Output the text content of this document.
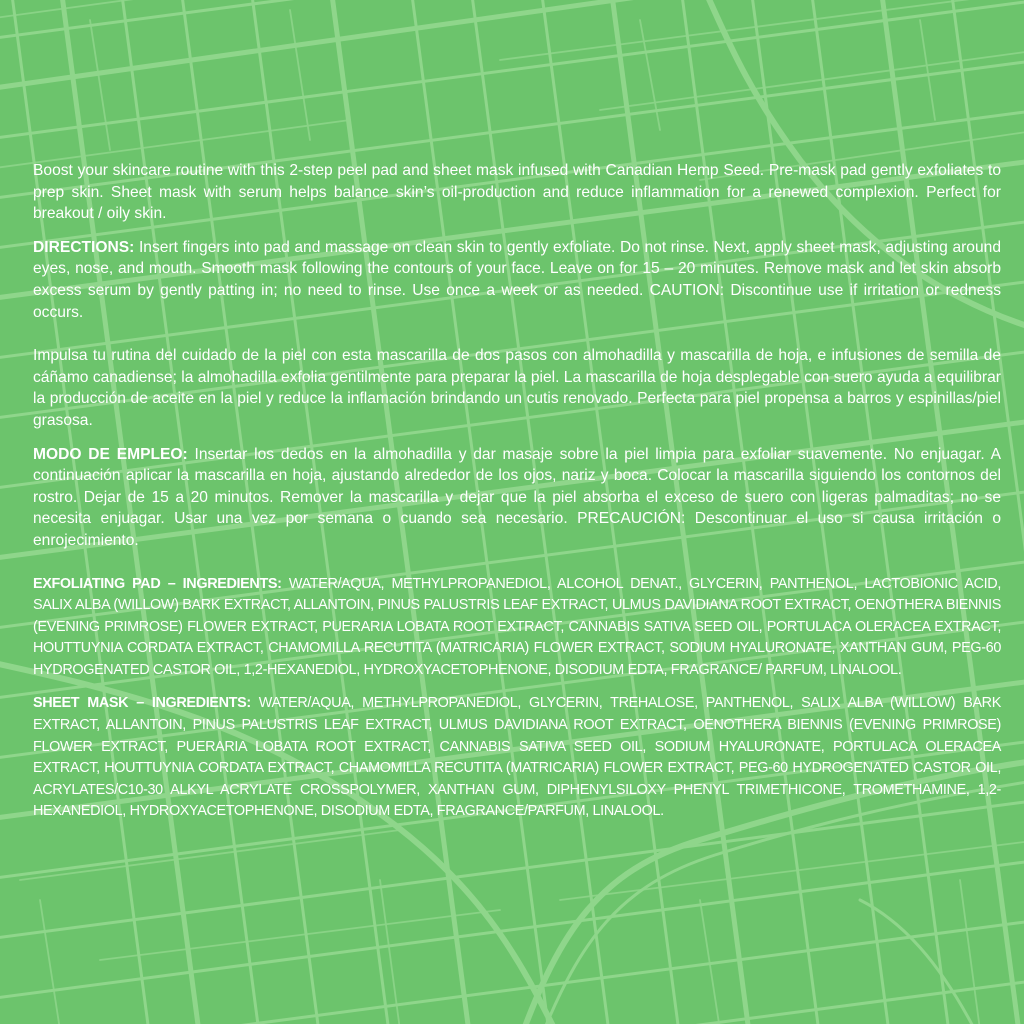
Boost your skincare routine with this 2-step peel pad and sheet mask infused with Canadian Hemp Seed. Pre-mask pad gently exfoliates to prep skin. Sheet mask with serum helps balance skin’s oil-production and reduce inflammation for a renewed complexion. Perfect for breakout / oily skin.

DIRECTIONS: Insert fingers into pad and massage on clean skin to gently exfoliate. Do not rinse. Next, apply sheet mask, adjusting around eyes, nose, and mouth. Smooth mask following the contours of your face. Leave on for 15 – 20 minutes. Remove mask and let skin absorb excess serum by gently patting in; no need to rinse. Use once a week or as needed. CAUTION: Discontinue use if irritation or redness occurs.

Impulsa tu rutina del cuidado de la piel con esta mascarilla de dos pasos con almohadilla y mascarilla de hoja, e infusiones de semilla de cáñamo canadiense; la almohadilla exfolia gentilmente para preparar la piel. La mascarilla de hoja desplegable con suero ayuda a equilibrar la producción de aceite en la piel y reduce la inflamación brindando un cutis renovado. Perfecta para piel propensa a barros y espinillas/piel grasosa.

MODO DE EMPLEO: Insertar los dedos en la almohadilla y dar masaje sobre la piel limpia para exfoliar suavemente. No enjuagar. A continuación aplicar la mascarilla en hoja, ajustando alrededor de los ojos, nariz y boca. Colocar la mascarilla siguiendo los contornos del rostro. Dejar de 15 a 20 minutos. Remover la mascarilla y dejar que la piel absorba el exceso de suero con ligeras palmaditas; no se necesita enjuagar. Usar una vez por semana o cuando sea necesario. PRECAUCIÓN: Descontinuar el uso si causa irritación o enrojecimiento.

EXFOLIATING PAD – INGREDIENTS: WATER/AQUA, METHYLPROPANEDIOL, ALCOHOL DENAT., GLYCERIN, PANTHENOL, LACTOBIONIC ACID, SALIX ALBA (WILLOW) BARK EXTRACT, ALLANTOIN, PINUS PALUSTRIS LEAF EXTRACT, ULMUS DAVIDIANA ROOT EXTRACT, OENOTHERA BIENNIS (EVENING PRIMROSE) FLOWER EXTRACT, PUERARIA LOBATA ROOT EXTRACT, CANNABIS SATIVA SEED OIL, PORTULACA OLERACEA EXTRACT, HOUTTUYNIA CORDATA EXTRACT, CHAMOMILLA RECUTITA (MATRICARIA) FLOWER EXTRACT, SODIUM HYALURONATE, XANTHAN GUM, PEG-60 HYDROGENATED CASTOR OIL, 1,2-HEXANEDIOL, HYDROXYACETOPHENONE, DISODIUM EDTA, FRAGRANCE/ PARFUM, LINALOOL.

SHEET MASK – INGREDIENTS: WATER/AQUA, METHYLPROPANEDIOL, GLYCERIN, TREHALOSE, PANTHENOL, SALIX ALBA (WILLOW) BARK EXTRACT, ALLANTOIN, PINUS PALUSTRIS LEAF EXTRACT, ULMUS DAVIDIANA ROOT EXTRACT, OENOTHERA BIENNIS (EVENING PRIMROSE) FLOWER EXTRACT, PUERARIA LOBATA ROOT EXTRACT, CANNABIS SATIVA SEED OIL, SODIUM HYALURONATE, PORTULACA OLERACEA EXTRACT, HOUTTUYNIA CORDATA EXTRACT, CHAMOMILLA RECUTITA (MATRICARIA) FLOWER EXTRACT, PEG-60 HYDROGENATED CASTOR OIL, ACRYLATES/C10-30 ALKYL ACRYLATE CROSSPOLYMER, XANTHAN GUM, DIPHENYLSILOXY PHENYL TRIMETHICONE, TROMETHAMINE, 1,2-HEXANEDIOL, HYDROXYACETOPHENONE, DISODIUM EDTA, FRAGRANCE/PARFUM, LINALOOL.
